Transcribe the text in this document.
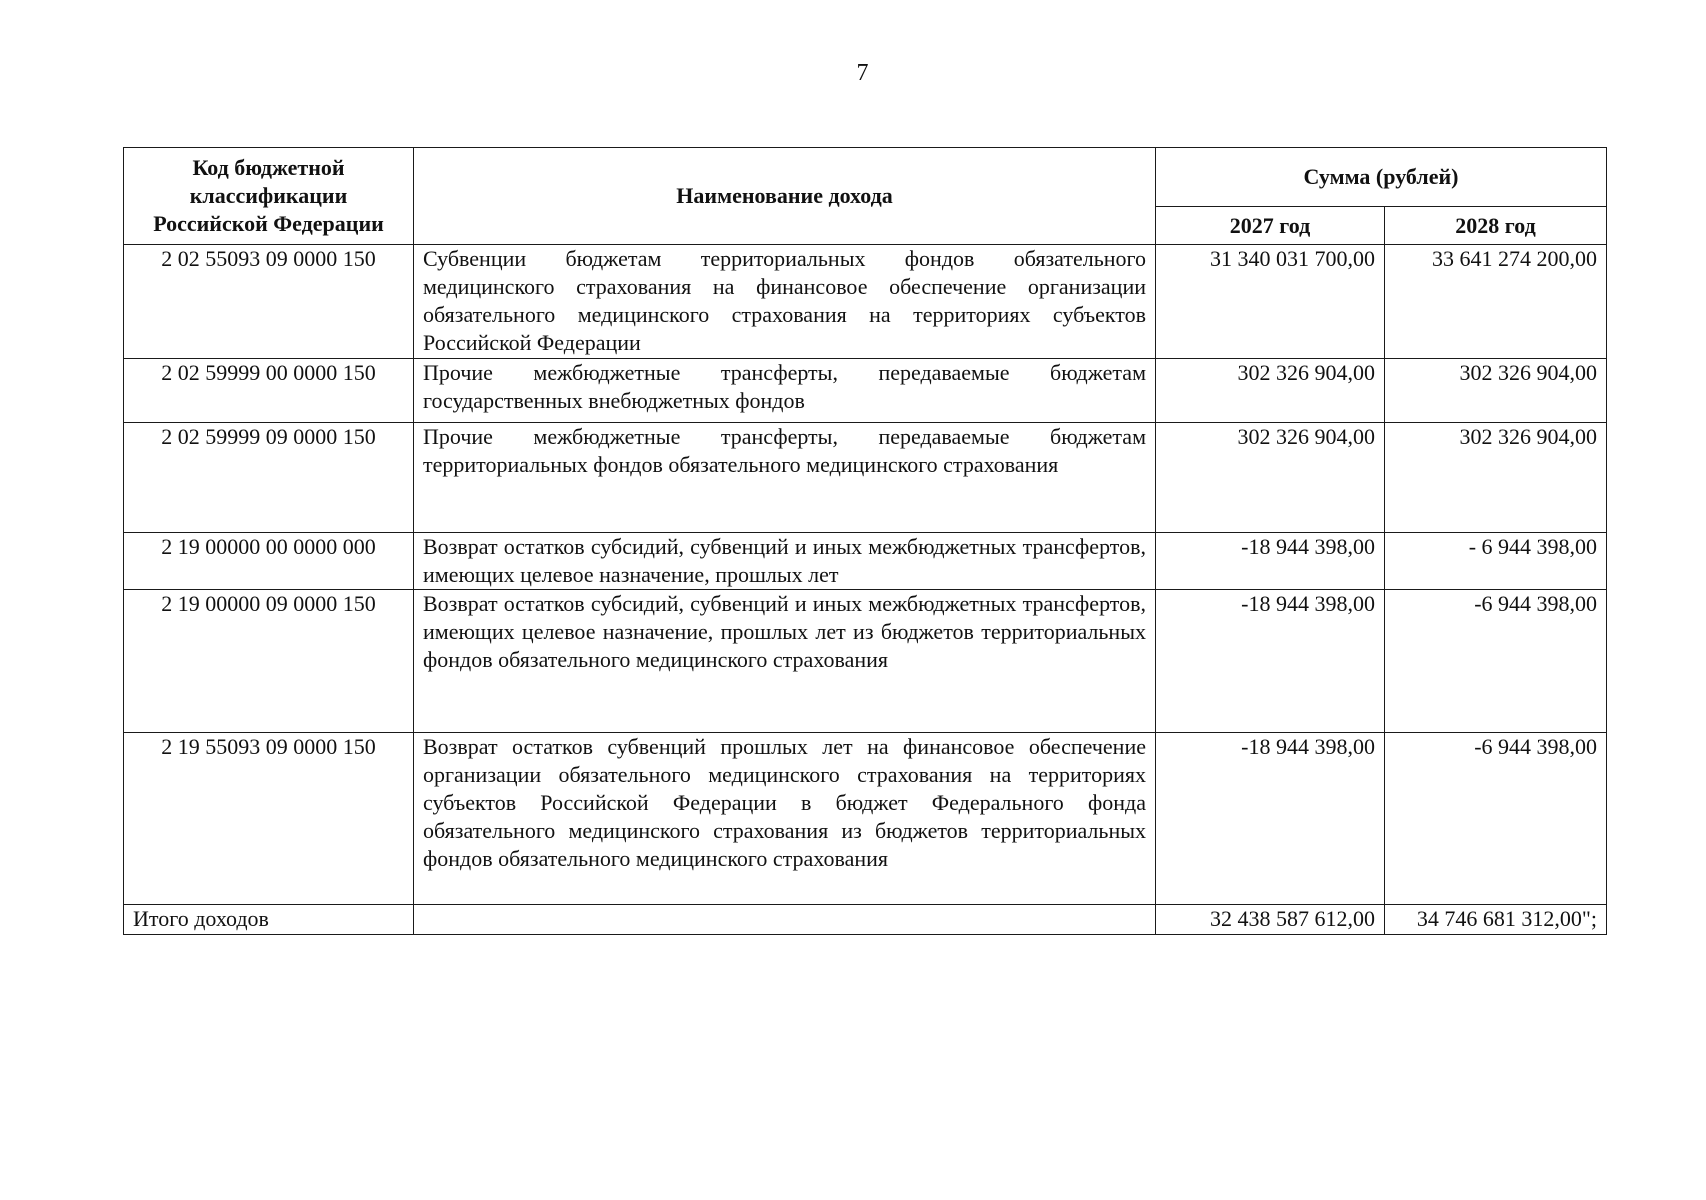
7
Код бюджетной классификации Российской Федерации	Наименование дохода	Сумма (рублей)	
		2027 год	2028 год
2 02 55093 09 0000 150	Субвенции бюджетам территориальных фондов обязательного медицинского страхования на финансовое обеспечение организации обязательного медицинского страхования на территориях субъектов Российской Федерации	31 340 031 700,00	33 641 274 200,00
2 02 59999 00 0000 150	Прочие межбюджетные трансферты, передаваемые бюджетам государственных внебюджетных фондов	302 326 904,00	302 326 904,00
2 02 59999 09 0000 150	Прочие межбюджетные трансферты, передаваемые бюджетам территориальных фондов обязательного медицинского страхования	302 326 904,00	302 326 904,00
2 19 00000 00 0000 000	Возврат остатков субсидий, субвенций и иных межбюджетных трансфертов, имеющих целевое назначение, прошлых лет	-18 944 398,00	- 6 944 398,00
2 19 00000 09 0000 150	Возврат остатков субсидий, субвенций и иных межбюджетных трансфертов, имеющих целевое назначение, прошлых лет из бюджетов территориальных фондов обязательного медицинского страхования	-18 944 398,00	-6 944 398,00
2 19 55093 09 0000 150	Возврат остатков субвенций прошлых лет на финансовое обеспечение организации обязательного медицинского страхования на территориях субъектов Российской Федерации в бюджет Федерального фонда обязательного медицинского страхования из бюджетов территориальных фондов обязательного медицинского страхования	-18 944 398,00	-6 944 398,00
Итого доходов		32 438 587 612,00	34 746 681 312,00";
